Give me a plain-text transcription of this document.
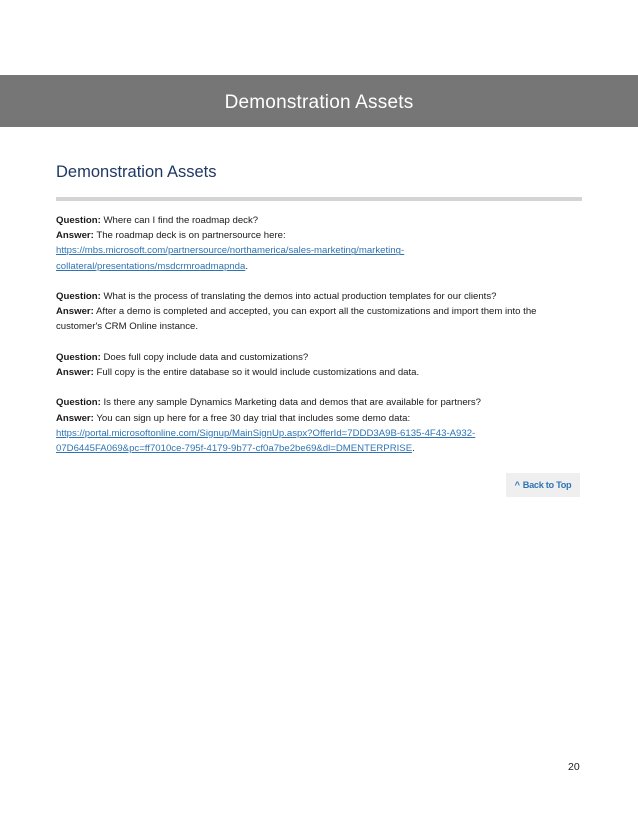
Demonstration Assets
Demonstration Assets

Question: Where can I find the roadmap deck?

Answer: The roadmap deck is on partnersource here:

https://mbs.microsoft.com/partnersource/northamerica/sales-marketing/marketing-
collateral/presentations/msdcrmroadmapnda.

Question: What is the process of translating the demos into actual production templates for our clients?

Answer: After a demo is completed and accepted, you can export all the customizations and import them into the
customer's CRM Online instance.

Question: Does full copy include data and customizations?

Answer: Full copy is the entire database so it would include customizations and data.

Question: Is there any sample Dynamics Marketing data and demos that are available for partners?

Answer: You can sign up here for a free 30 day trial that includes some demo data:

https://portal.microsoftonline.com/Signup/MainSignUp.aspx?OfferId=7DDD3A9B-6135-4F43-A932-
07D6445FA069&pc=ff7010ce-795f-4179-9b77-cf0a7be2be69&dl=DMENTERPRISE.

^ Back to Top
20
